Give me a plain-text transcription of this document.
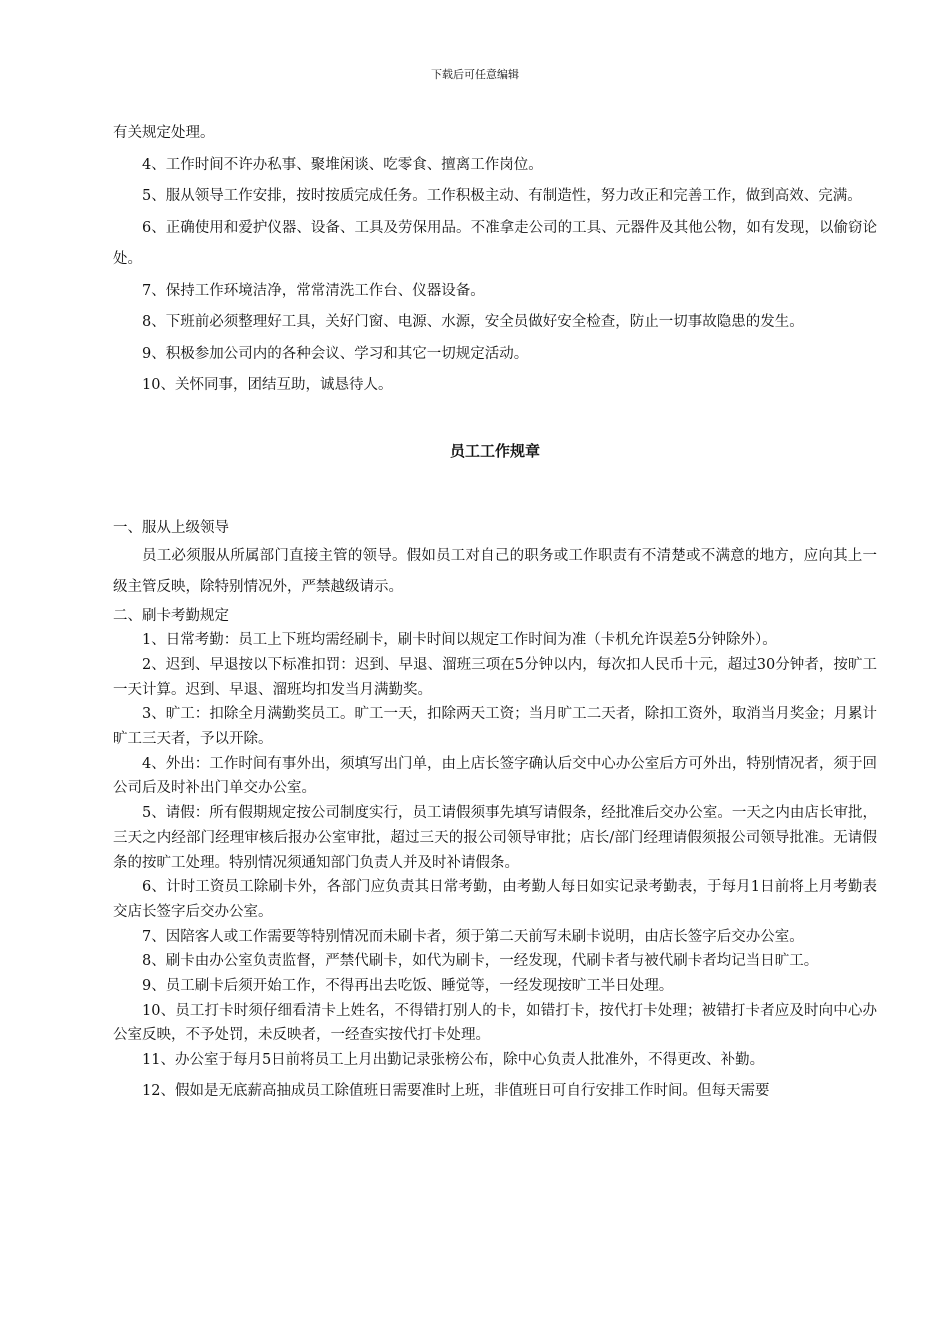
下载后可任意编辑

有关规定处理。

4、工作时间不许办私事、聚堆闲谈、吃零食、擅离工作岗位。

5、服从领导工作安排，按时按质完成任务。工作积极主动、有制造性，努力改正和完善工作，做到高效、完满。

6、正确使用和爱护仪器、设备、工具及劳保用品。不准拿走公司的工具、元器件及其他公物，如有发现，以偷窃论处。

7、保持工作环境洁净，常常清洗工作台、仪器设备。

8、下班前必须整理好工具，关好门窗、电源、水源，安全员做好安全检查，防止一切事故隐患的发生。

9、积极参加公司内的各种会议、学习和其它一切规定活动。

10、关怀同事，团结互助，诚恳待人。

员工工作规章

一、服从上级领导

员工必须服从所属部门直接主管的领导。假如员工对自己的职务或工作职责有不清楚或不满意的地方，应向其上一级主管反映，除特别情况外，严禁越级请示。

二、刷卡考勤规定

1、日常考勤：员工上下班均需经刷卡，刷卡时间以规定工作时间为准（卡机允许误差5分钟除外）。

2、迟到、早退按以下标准扣罚：迟到、早退、溜班三项在5分钟以内，每次扣人民币十元，超过30分钟者，按旷工一天计算。迟到、早退、溜班均扣发当月满勤奖。

3、旷工：扣除全月满勤奖员工。旷工一天，扣除两天工资；当月旷工二天者，除扣工资外，取消当月奖金；月累计旷工三天者，予以开除。

4、外出：工作时间有事外出，须填写出门单，由上店长签字确认后交中心办公室后方可外出，特别情况者，须于回公司后及时补出门单交办公室。

5、请假：所有假期规定按公司制度实行，员工请假须事先填写请假条，经批准后交办公室。一天之内由店长审批，三天之内经部门经理审核后报办公室审批，超过三天的报公司领导审批；店长/部门经理请假须报公司领导批准。无请假条的按旷工处理。特别情况须通知部门负责人并及时补请假条。

6、计时工资员工除刷卡外，各部门应负责其日常考勤，由考勤人每日如实记录考勤表，于每月1日前将上月考勤表交店长签字后交办公室。

7、因陪客人或工作需要等特别情况而未刷卡者，须于第二天前写未刷卡说明，由店长签字后交办公室。

8、刷卡由办公室负责监督，严禁代刷卡，如代为刷卡，一经发现，代刷卡者与被代刷卡者均记当日旷工。

9、员工刷卡后须开始工作，不得再出去吃饭、睡觉等，一经发现按旷工半日处理。

10、员工打卡时须仔细看清卡上姓名，不得错打别人的卡，如错打卡，按代打卡处理；被错打卡者应及时向中心办公室反映，不予处罚，未反映者，一经查实按代打卡处理。

11、办公室于每月5日前将员工上月出勤记录张榜公布，除中心负责人批准外，不得更改、补勤。

12、假如是无底薪高抽成员工除值班日需要准时上班，非值班日可自行安排工作时间。但每天需要
